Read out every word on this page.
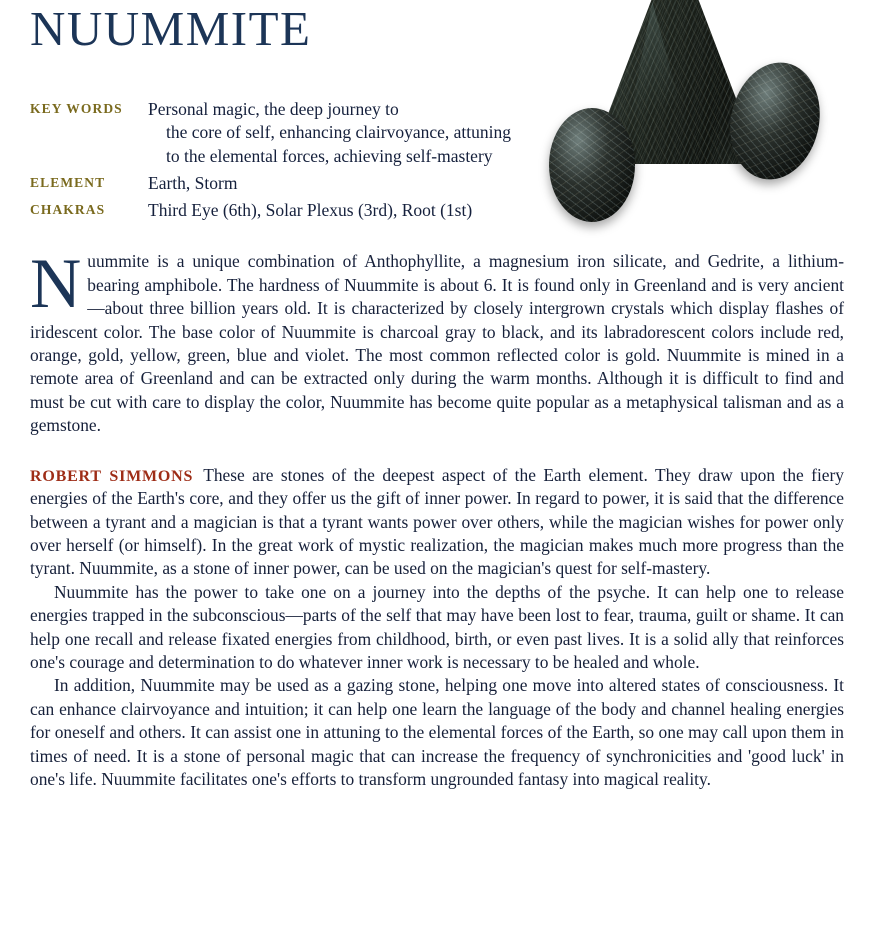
NUUMMITE
KEY WORDS	Personal magic, the deep journey to
the core of self, enhancing clairvoyance, attuning
to the elemental forces, achieving self-mastery
ELEMENT	Earth, Storm
CHAKRAS	Third Eye (6th), Solar Plexus (3rd), Root (1st)

Nuummite is a unique combination of Anthophyllite, a magnesium iron silicate, and Gedrite, a lithium-bearing amphibole. The hardness of Nuummite is about 6. It is found only in Greenland and is very ancient—about three billion years old. It is characterized by closely intergrown crystals which display flashes of iridescent color. The base color of Nuummite is charcoal gray to black, and its labradorescent colors include red, orange, gold, yellow, green, blue and violet. The most common reflected color is gold. Nuummite is mined in a remote area of Greenland and can be extracted only during the warm months. Although it is difficult to find and must be cut with care to display the color, Nuummite has become quite popular as a metaphysical talisman and as a gemstone.

ROBERT SIMMONS These are stones of the deepest aspect of the Earth element. They draw upon the fiery energies of the Earth's core, and they offer us the gift of inner power. In regard to power, it is said that the difference between a tyrant and a magician is that a tyrant wants power over others, while the magician wishes for power only over herself (or himself). In the great work of mystic realization, the magician makes much more progress than the tyrant. Nuummite, as a stone of inner power, can be used on the magician's quest for self-mastery.

Nuummite has the power to take one on a journey into the depths of the psyche. It can help one to release energies trapped in the subconscious—parts of the self that may have been lost to fear, trauma, guilt or shame. It can help one recall and release fixated energies from childhood, birth, or even past lives. It is a solid ally that reinforces one's courage and determination to do whatever inner work is necessary to be healed and whole.

In addition, Nuummite may be used as a gazing stone, helping one move into altered states of consciousness. It can enhance clairvoyance and intuition; it can help one learn the language of the body and channel healing energies for oneself and others. It can assist one in attuning to the elemental forces of the Earth, so one may call upon them in times of need. It is a stone of personal magic that can increase the frequency of synchronicities and 'good luck' in one's life. Nuummite facilitates one's efforts to transform ungrounded fantasy into magical reality.
